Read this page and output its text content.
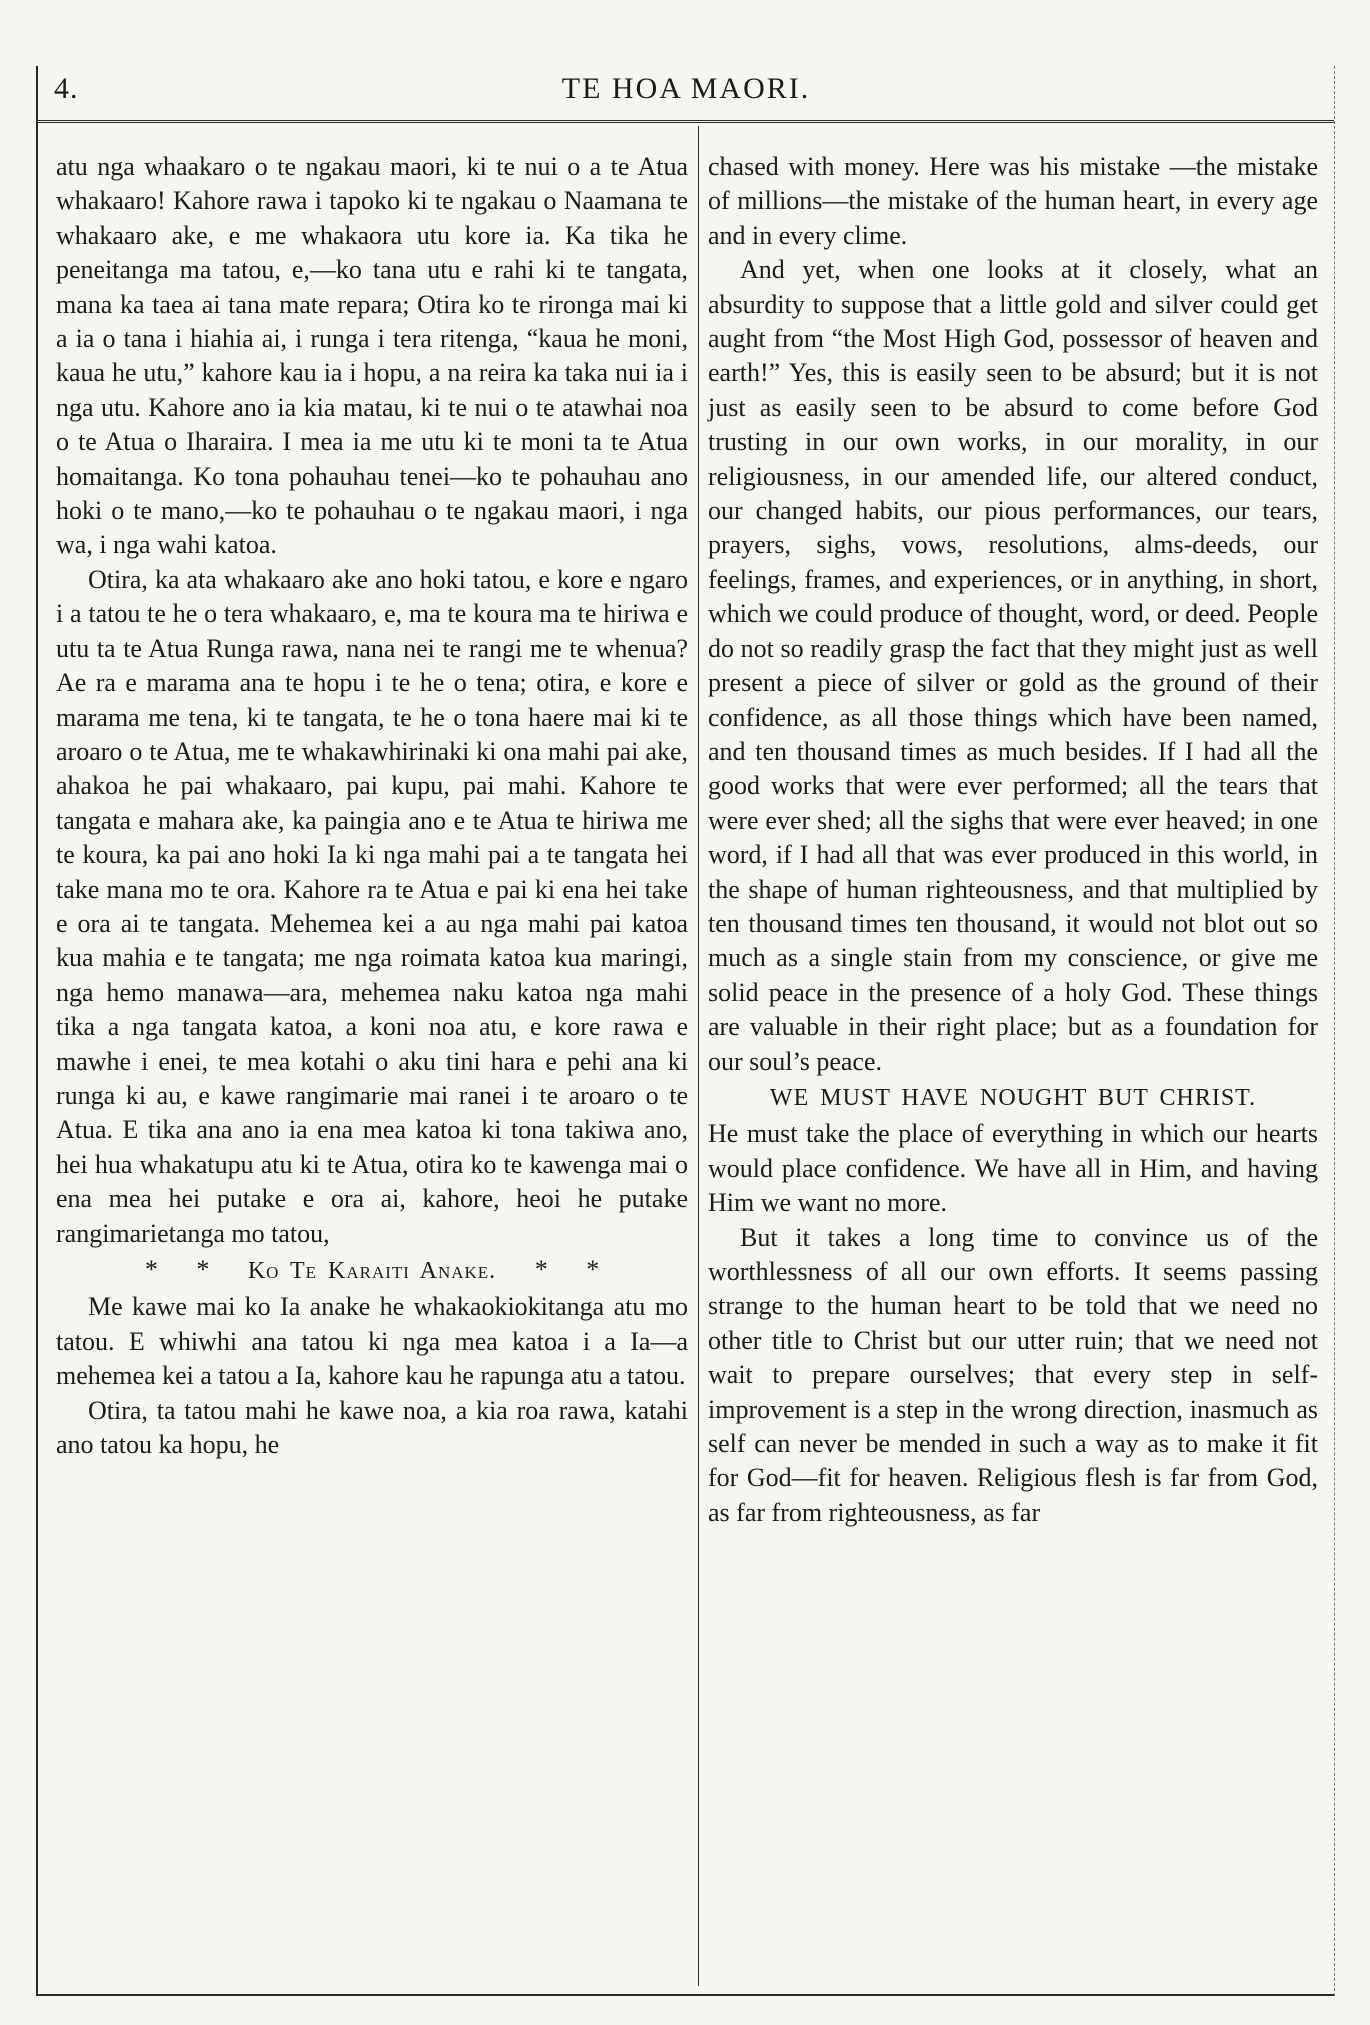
4.	TE HOA MAORI.

atu nga whaakaro o te ngakau maori, ki te nui o a te Atua whakaaro! Kahore rawa i tapoko ki te ngakau o Naamana te whakaaro ake, e me whakaora utu kore ia. Ka tika he peneitanga ma tatou, e,—ko tana utu e rahi ki te tangata, mana ka taea ai tana mate repara; Otira ko te rironga mai ki a ia o tana i hiahia ai, i runga i tera ritenga, “kaua he moni, kaua he utu,” kahore kau ia i hopu, a na reira ka taka nui ia i nga utu. Kahore ano ia kia matau, ki te nui o te atawhai noa o te Atua o Iharaira. I mea ia me utu ki te moni ta te Atua homaitanga. Ko tona pohauhau tenei—ko te pohauhau ano hoki o te mano,—ko te pohauhau o te ngakau maori, i nga wa, i nga wahi katoa.

Otira, ka ata whakaaro ake ano hoki tatou, e kore e ngaro i a tatou te he o tera whakaaro, e, ma te koura ma te hiriwa e utu ta te Atua Runga rawa, nana nei te rangi me te whenua? Ae ra e marama ana te hopu i te he o tena; otira, e kore e marama me tena, ki te tangata, te he o tona haere mai ki te aroaro o te Atua, me te whakawhirinaki ki ona mahi pai ake, ahakoa he pai whakaaro, pai kupu, pai mahi. Kahore te tangata e mahara ake, ka paingia ano e te Atua te hiriwa me te koura, ka pai ano hoki Ia ki nga mahi pai a te tangata hei take mana mo te ora. Kahore ra te Atua e pai ki ena hei take e ora ai te tangata. Mehemea kei a au nga mahi pai katoa kua mahia e te tangata; me nga roimata katoa kua maringi, nga hemo manawa—ara, mehemea naku katoa nga mahi tika a nga tangata katoa, a koni noa atu, e kore rawa e mawhe i enei, te mea kotahi o aku tini hara e pehi ana ki runga ki au, e kawe rangimarie mai ranei i te aroaro o te Atua. E tika ana ano ia ena mea katoa ki tona takiwa ano, hei hua whakatupu atu ki te Atua, otira ko te kawenga mai o ena mea hei putake e ora ai, kahore, heoi he putake rangimarietanga mo tatou,

* * Ko Te Karaiti Anake. * *

Me kawe mai ko Ia anake he whakaokiokitanga atu mo tatou. E whiwhi ana tatou ki nga mea katoa i a Ia—a mehemea kei a tatou a Ia, kahore kau he rapunga atu a tatou.

Otira, ta tatou mahi he kawe noa, a kia roa rawa, katahi ano tatou ka hopu, he

chased with money. Here was his mistake —the mistake of millions—the mistake of the human heart, in every age and in every clime.

And yet, when one looks at it closely, what an absurdity to suppose that a little gold and silver could get aught from “the Most High God, possessor of heaven and earth!” Yes, this is easily seen to be absurd; but it is not just as easily seen to be absurd to come before God trusting in our own works, in our morality, in our religiousness, in our amended life, our altered conduct, our changed habits, our pious performances, our tears, prayers, sighs, vows, resolutions, alms-deeds, our feelings, frames, and experiences, or in anything, in short, which we could produce of thought, word, or deed. People do not so readily grasp the fact that they might just as well present a piece of silver or gold as the ground of their confidence, as all those things which have been named, and ten thousand times as much besides. If I had all the good works that were ever performed; all the tears that were ever shed; all the sighs that were ever heaved; in one word, if I had all that was ever produced in this world, in the shape of human righteousness, and that multiplied by ten thousand times ten thousand, it would not blot out so much as a single stain from my conscience, or give me solid peace in the presence of a holy God. These things are valuable in their right place; but as a foundation for our soul’s peace.

WE MUST HAVE NOUGHT BUT CHRIST.

He must take the place of everything in which our hearts would place confidence. We have all in Him, and having Him we want no more.

But it takes a long time to convince us of the worthlessness of all our own efforts. It seems passing strange to the human heart to be told that we need no other title to Christ but our utter ruin; that we need not wait to prepare ourselves; that every step in self-improvement is a step in the wrong direction, inasmuch as self can never be mended in such a way as to make it fit for God—fit for heaven. Religious flesh is far from God, as far from righteousness, as far
